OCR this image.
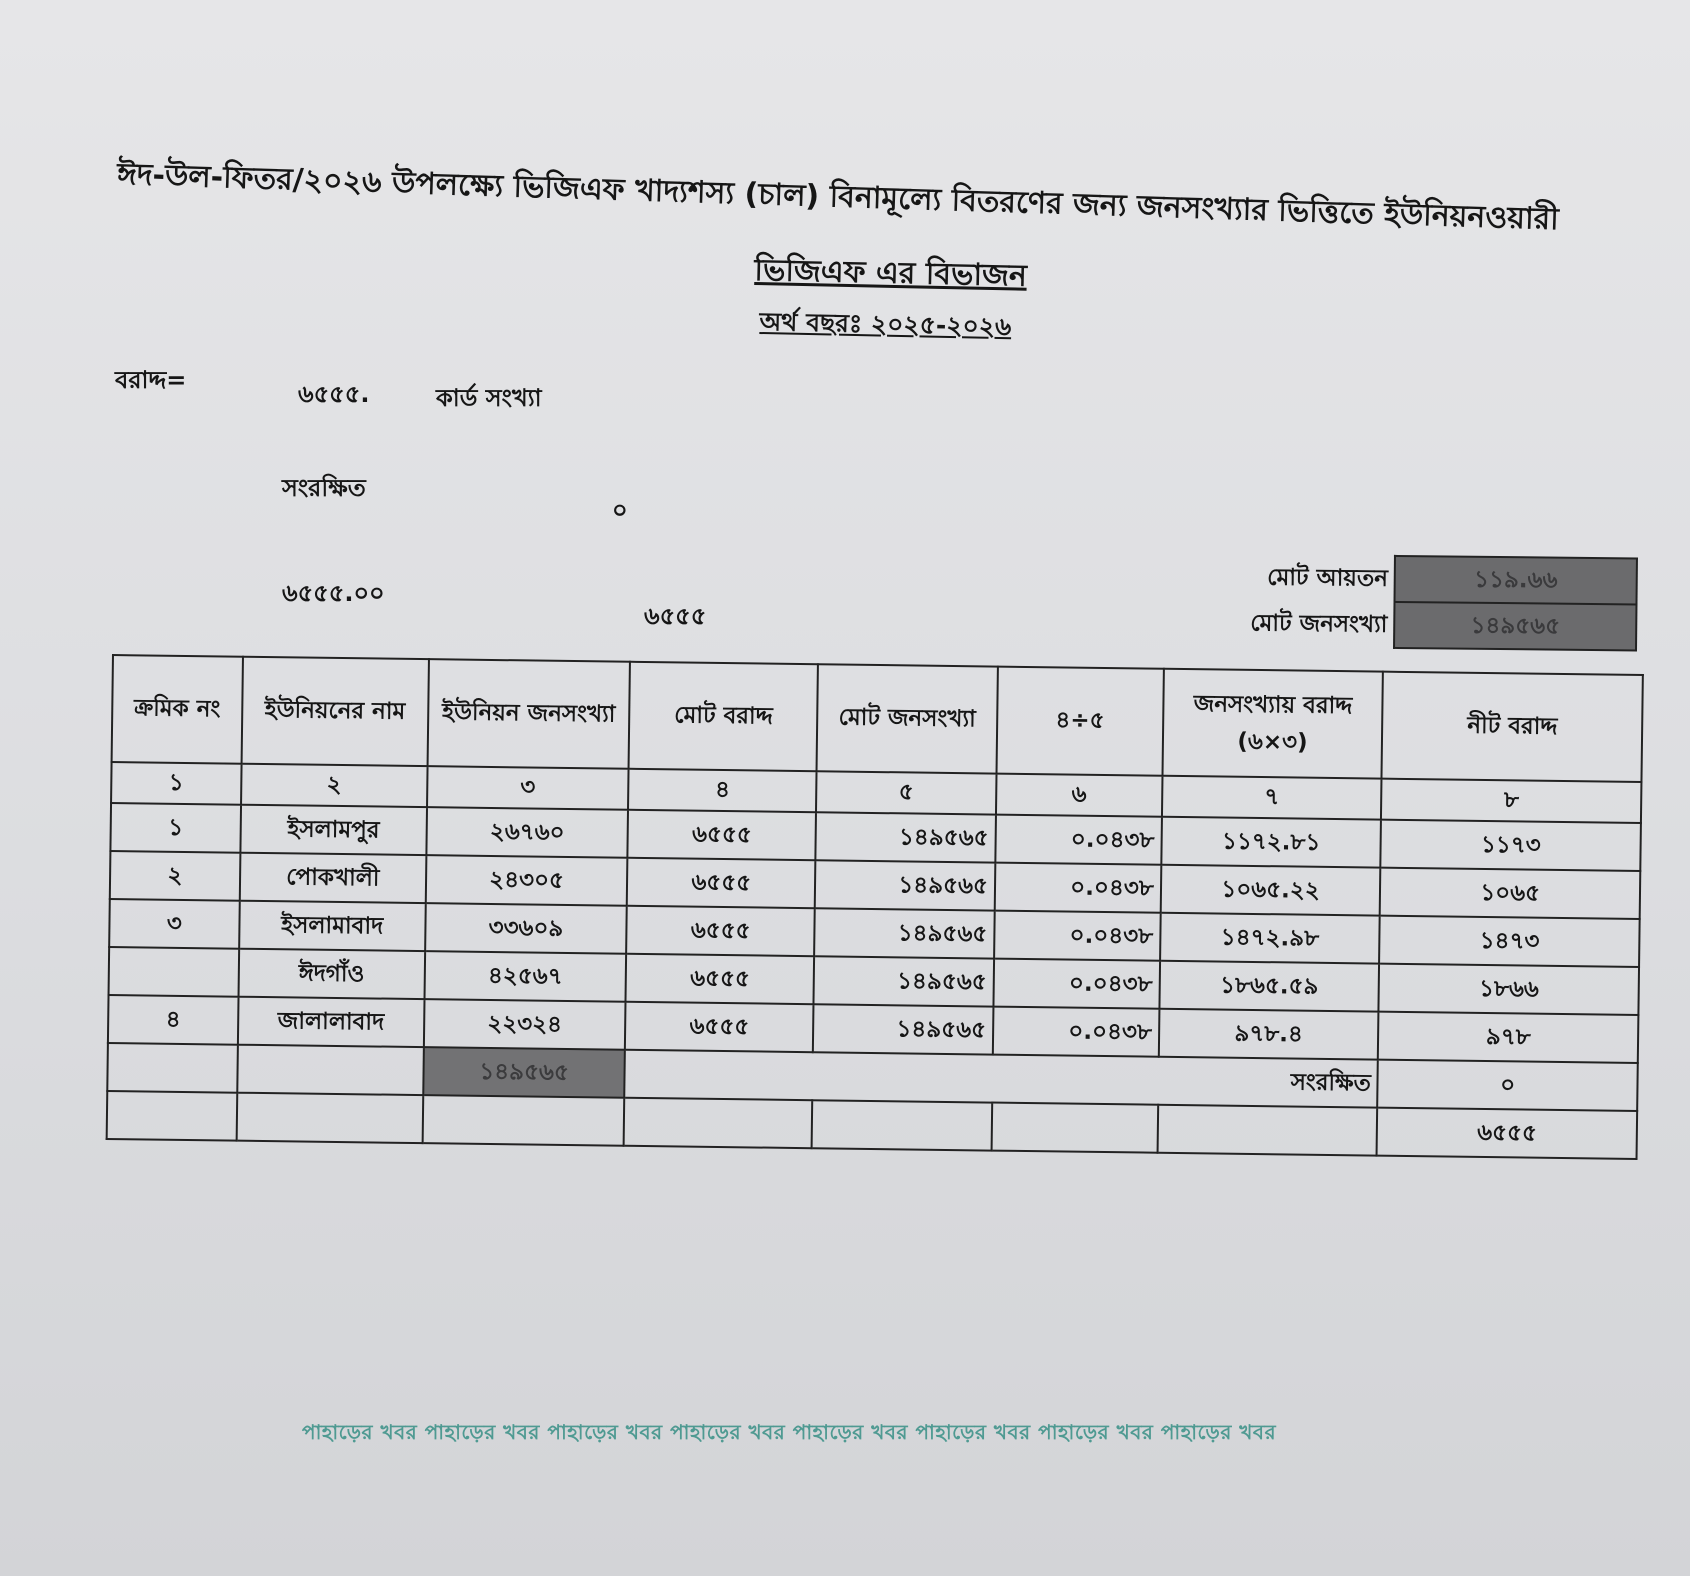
ঈদ-উল-ফিতর/২০২৬ উপলক্ষ্যে ভিজিএফ খাদ্যশস্য (চাল) বিনামূল্যে বিতরণের জন্য জনসংখ্যার ভিত্তিতে ইউনিয়নওয়ারী
ভিজিএফ এর বিভাজন
অর্থ বছরঃ ২০২৫-২০২৬
বরাদ্দ=	৬৫৫৫.	কার্ড সংখ্যা
সংরক্ষিত
০
৬৫৫৫.০০
৬৫৫৫
মোট আয়তন	১১৯.৬৬
মোট জনসংখ্যা	১৪৯৫৬৫
ক্রমিক নং	ইউনিয়নের নাম	ইউনিয়ন জনসংখ্যা	মোট বরাদ্দ	মোট জনসংখ্যা	৪÷৫	জনসংখ্যায় বরাদ্দ (৬×৩)	নীট বরাদ্দ
১	২	৩	৪	৫	৬	৭	৮
১	ইসলামপুর	২৬৭৬০	৬৫৫৫	১৪৯৫৬৫	০.০৪৩৮	১১৭২.৮১	১১৭৩
২	পোকখালী	২৪৩০৫	৬৫৫৫	১৪৯৫৬৫	০.০৪৩৮	১০৬৫.২২	১০৬৫
৩	ইসলামাবাদ	৩৩৬০৯	৬৫৫৫	১৪৯৫৬৫	০.০৪৩৮	১৪৭২.৯৮	১৪৭৩
	ঈদগাঁও	৪২৫৬৭	৬৫৫৫	১৪৯৫৬৫	০.০৪৩৮	১৮৬৫.৫৯	১৮৬৬
৪	জালালাবাদ	২২৩২৪	৬৫৫৫	১৪৯৫৬৫	০.০৪৩৮	৯৭৮.৪	৯৭৮
		১৪৯৫৬৫	সংরক্ষিত				০
							৬৫৫৫
পাহাড়ের খবর পাহাড়ের খবর পাহাড়ের খবর পাহাড়ের খবর পাহাড়ের খবর পাহাড়ের খবর পাহাড়ের খবর পাহাড়ের খবর
